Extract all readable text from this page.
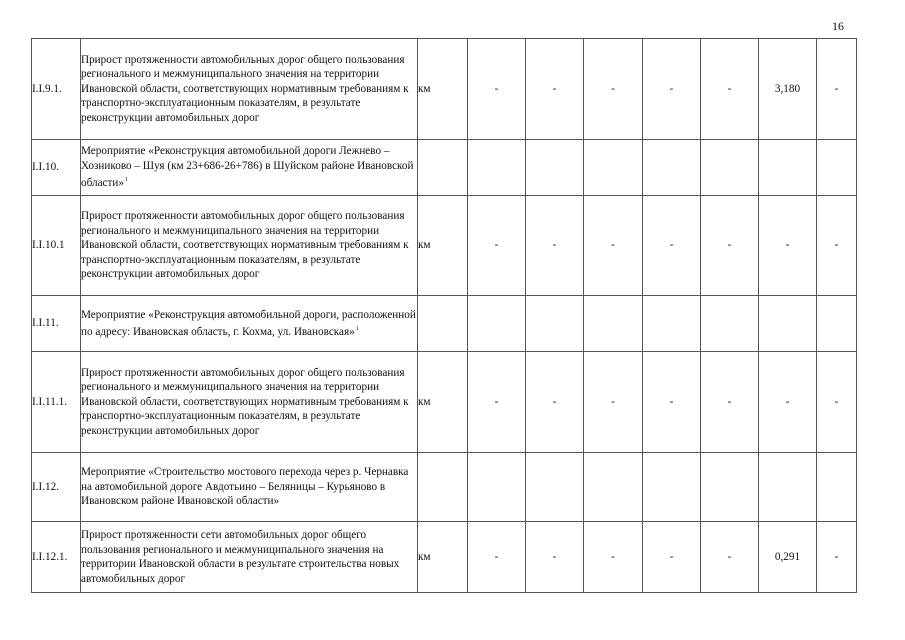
16
I.I.9.1.	Прирост протяженности автомобильных дорог общего пользования регионального и межмуниципального значения на территории Ивановской области, соответствующих нормативным требованиям к транспортно-эксплуатационным показателям, в результате реконструкции автомобильных дорог	км	-	-	-	-	-	3,180	-
I.I.10.	Мероприятие «Реконструкция автомобильной дороги Лежнево – Хозниково – Шуя (км 23+686-26+786) в Шуйском районе Ивановской области»$^1$								
I.I.10.1	Прирост протяженности автомобильных дорог общего пользования регионального и межмуниципального значения на территории Ивановской области, соответствующих нормативным требованиям к транспортно-эксплуатационным показателям, в результате реконструкции автомобильных дорог	км	-	-	-	-	-	-	-
I.I.11.	Мероприятие «Реконструкция автомобильной дороги, расположенной по адресу: Ивановская область, г. Кохма, ул. Ивановская»$^1$								
I.I.11.1.	Прирост протяженности автомобильных дорог общего пользования регионального и межмуниципального значения на территории Ивановской области, соответствующих нормативным требованиям к транспортно-эксплуатационным показателям, в результате реконструкции автомобильных дорог	км	-	-	-	-	-	-	-
I.I.12.	Мероприятие «Строительство мостового перехода через р. Чернавка на автомобильной дороге Авдотьино – Беляницы – Курьяново в Ивановском районе Ивановской области»								
I.I.12.1.	Прирост протяженности сети автомобильных дорог общего пользования регионального и межмуниципального значения на территории Ивановской области в результате строительства новых автомобильных дорог	км	-	-	-	-	-	0,291	-
